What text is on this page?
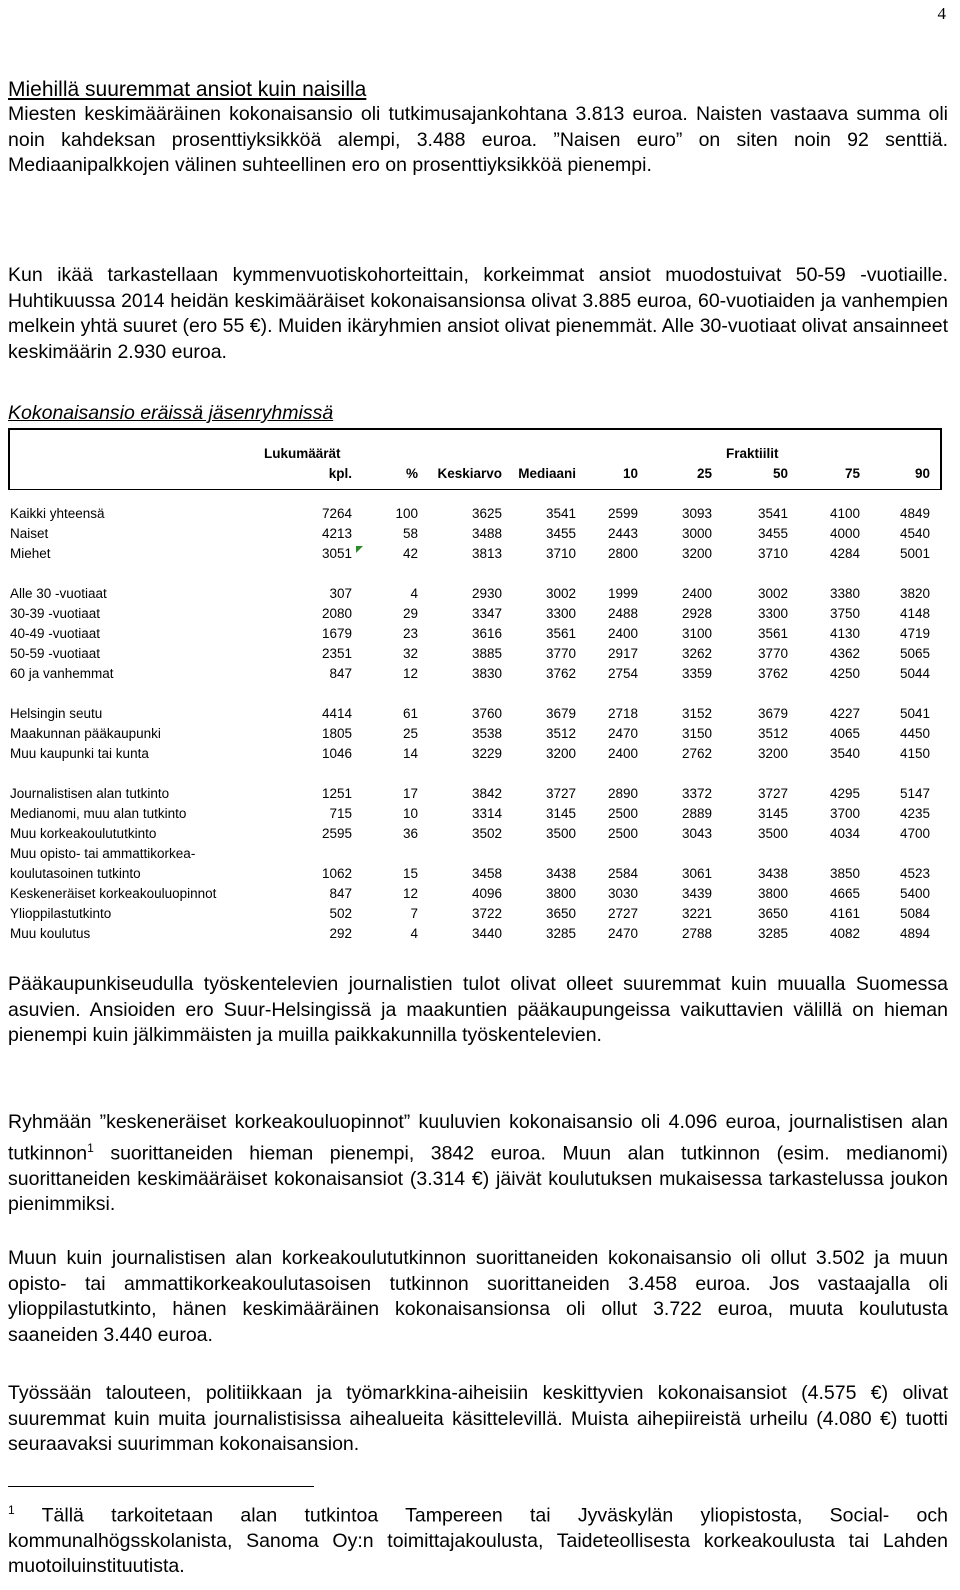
4
Miehillä suuremmat ansiot kuin naisilla

Miesten keskimääräinen kokonaisansio oli tutkimusajankohtana 3.813 euroa. Naisten vastaava summa oli noin kahdeksan prosenttiyksikköä alempi, 3.488 euroa. ”Naisen euro” on siten noin 92 senttiä. Mediaanipalkkojen välinen suhteellinen ero on prosenttiyksikköä pienempi.

Kun ikää tarkastellaan kymmenvuotiskohorteittain, korkeimmat ansiot muodostuivat 50-59 -vuotiaille. Huhtikuussa 2014 heidän keskimääräiset kokonaisansionsa olivat 3.885 euroa, 60-vuotiaiden ja vanhempien melkein yhtä suuret (ero 55 €). Muiden ikäryhmien ansiot olivat pienemmät. Alle 30-vuotiaat olivat ansainneet keskimäärin 2.930 euroa.

Kokonaisansio eräissä jäsenryhmissä
Lukumäärät	Fraktiilit
kpl.	%	Keskiarvo	Mediaani	10	25	50	75	90
Kaikki yhteensä	7264	100	3625	3541	2599	3093	3541	4100	4849
Naiset	4213	58	3488	3455	2443	3000	3455	4000	4540
Miehet	3051	42	3813	3710	2800	3200	3710	4284	5001
Alle 30 -vuotiaat	307	4	2930	3002	1999	2400	3002	3380	3820
30-39 -vuotiaat	2080	29	3347	3300	2488	2928	3300	3750	4148
40-49 -vuotiaat	1679	23	3616	3561	2400	3100	3561	4130	4719
50-59 -vuotiaat	2351	32	3885	3770	2917	3262	3770	4362	5065
60 ja vanhemmat	847	12	3830	3762	2754	3359	3762	4250	5044
Helsingin seutu	4414	61	3760	3679	2718	3152	3679	4227	5041
Maakunnan pääkaupunki	1805	25	3538	3512	2470	3150	3512	4065	4450
Muu kaupunki tai kunta	1046	14	3229	3200	2400	2762	3200	3540	4150
Journalistisen alan tutkinto	1251	17	3842	3727	2890	3372	3727	4295	5147
Medianomi, muu alan tutkinto	715	10	3314	3145	2500	2889	3145	3700	4235
Muu korkeakoulututkinto	2595	36	3502	3500	2500	3043	3500	4034	4700
Muu opisto- tai ammattikorkea-
koulutasoinen tutkinto	1062	15	3458	3438	2584	3061	3438	3850	4523
Keskeneräiset korkeakouluopinnot	847	12	4096	3800	3030	3439	3800	4665	5400
Ylioppilastutkinto	502	7	3722	3650	2727	3221	3650	4161	5084
Muu koulutus	292	4	3440	3285	2470	2788	3285	4082	4894
Pääkaupunkiseudulla työskentelevien journalistien tulot olivat olleet suuremmat kuin muualla Suomessa asuvien. Ansioiden ero Suur-Helsingissä ja maakuntien pääkaupungeissa vaikuttavien välillä on hieman pienempi kuin jälkimmäisten ja muilla paikkakunnilla työskentelevien.
Ryhmään ”keskeneräiset korkeakouluopinnot” kuuluvien kokonaisansio oli 4.096 euroa, journalistisen alan tutkinnon$^1$ suorittaneiden hieman pienempi, 3842 euroa. Muun alan tutkinnon (esim. medianomi) suorittaneiden keskimääräiset kokonaisansiot (3.314 €) jäivät koulutuksen mukaisessa tarkastelussa joukon pienimmiksi.
Muun kuin journalistisen alan korkeakoulututkinnon suorittaneiden kokonaisansio oli ollut 3.502 ja muun opisto- tai ammattikorkeakoulutasoisen tutkinnon suorittaneiden 3.458 euroa. Jos vastaajalla oli ylioppilastutkinto, hänen keskimääräinen kokonaisansionsa oli ollut 3.722 euroa, muuta koulutusta saaneiden 3.440 euroa.
Työssään talouteen, politiikkaan ja työmarkkina-aiheisiin keskittyvien kokonaisansiot (4.575 €) olivat suuremmat kuin muita journalistisissa aihealueita käsittelevillä. Muista aihepiireistä urheilu (4.080 €) tuotti seuraavaksi suurimman kokonaisansion.

$^1$ Tällä tarkoitetaan alan tutkintoa Tampereen tai Jyväskylän yliopistosta, Social- och kommunalhögsskolanista, Sanoma Oy:n toimittajakoulusta, Taideteollisesta korkeakoulusta tai Lahden muotoiluinstituutista.
